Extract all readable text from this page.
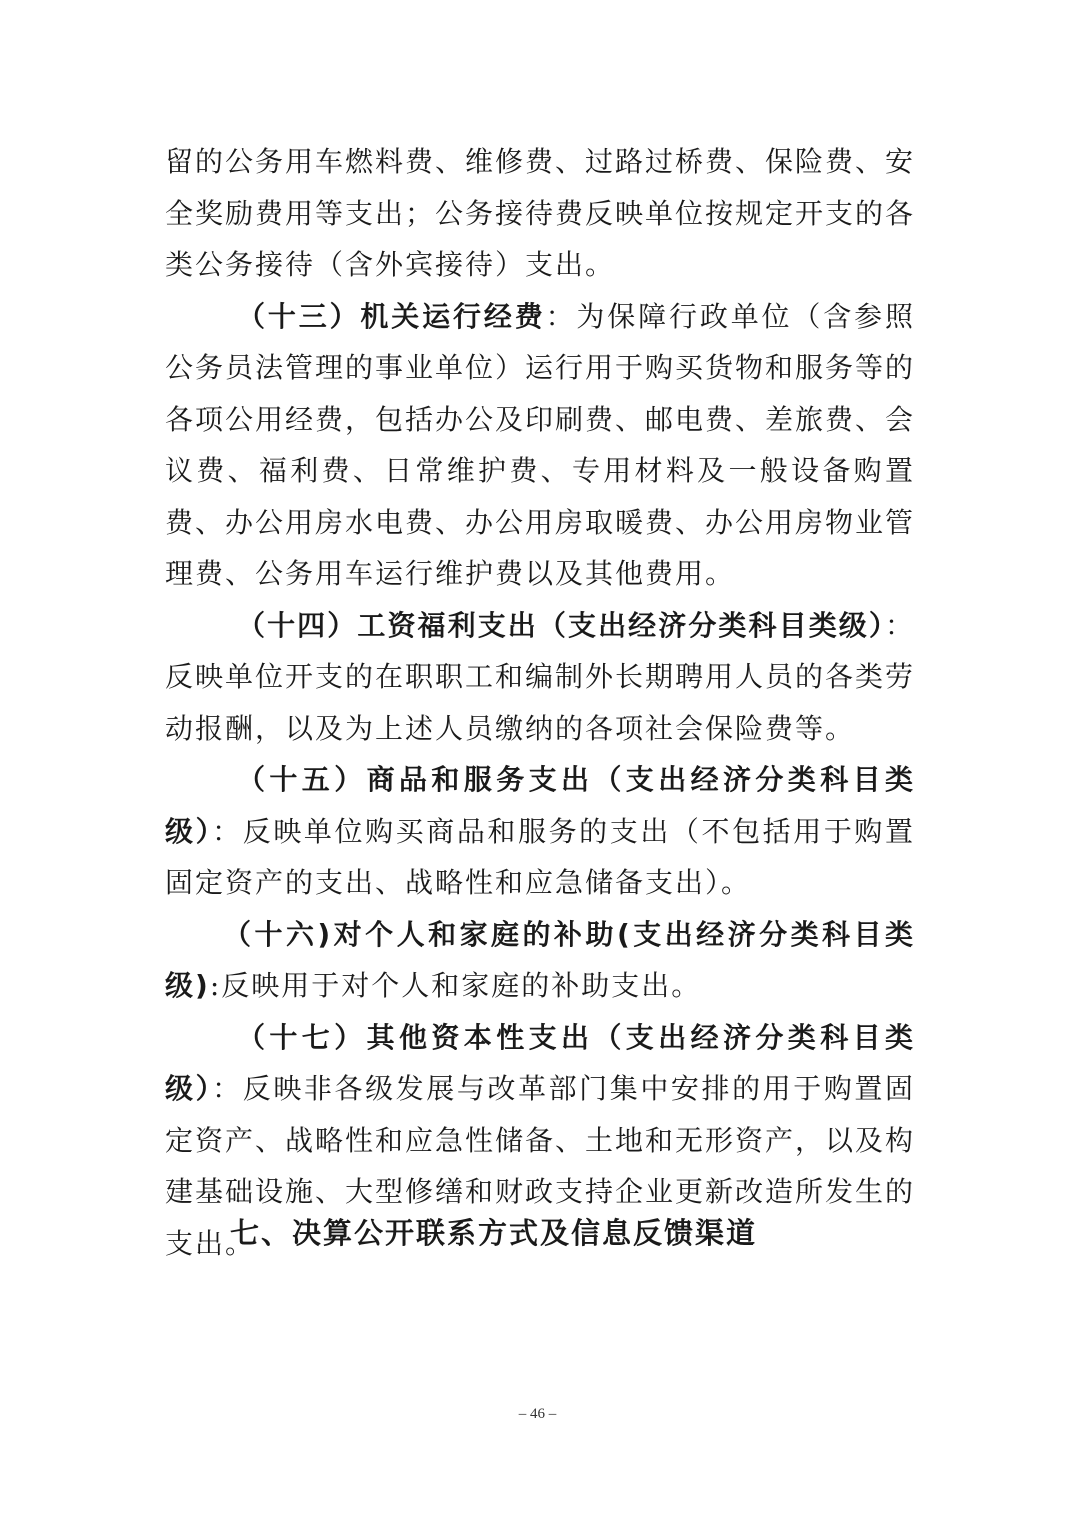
留的公务用车燃料费、维修费、过路过桥费、保险费、安全奖励费用等支出；公务接待费反映单位按规定开支的各类公务接待（含外宾接待）支出。

（十三）机关运行经费：为保障行政单位（含参照公务员法管理的事业单位）运行用于购买货物和服务等的各项公用经费，包括办公及印刷费、邮电费、差旅费、会议费、福利费、日常维护费、专用材料及一般设备购置费、办公用房水电费、办公用房取暖费、办公用房物业管理费、公务用车运行维护费以及其他费用。

（十四）工资福利支出（支出经济分类科目类级）：反映单位开支的在职职工和编制外长期聘用人员的各类劳动报酬，以及为上述人员缴纳的各项社会保险费等。

（十五）商品和服务支出（支出经济分类科目类级）：反映单位购买商品和服务的支出（不包括用于购置固定资产的支出、战略性和应急储备支出）。

（十六)对个人和家庭的补助(支出经济分类科目类级):反映用于对个人和家庭的补助支出。

（十七）其他资本性支出（支出经济分类科目类级）：反映非各级发展与改革部门集中安排的用于购置固定资产、战略性和应急性储备、土地和无形资产，以及构建基础设施、大型修缮和财政支持企业更新改造所发生的支出。

七、决算公开联系方式及信息反馈渠道
– 46 –
